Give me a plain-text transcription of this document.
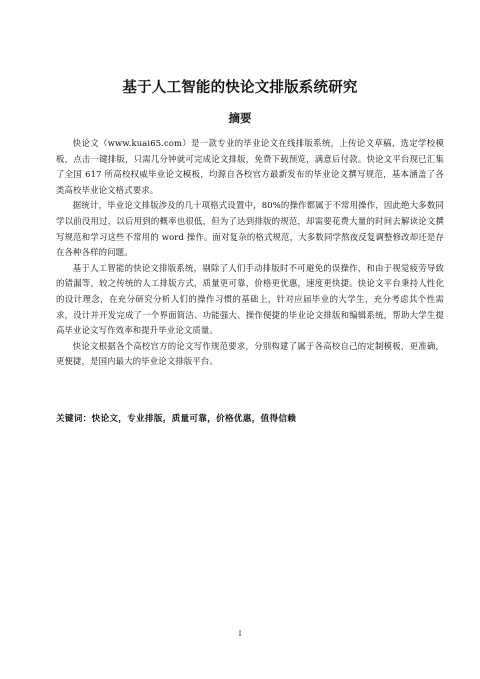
基于人工智能的快论文排版系统研究
摘要

快论文（www.kuai65.com）是一款专业的毕业论文在线排版系统，上传论文草稿，选定学校模板，点击一键排版，只需几分钟就可完成论文排版，免费下载预览，满意后付款。快论文平台现已汇集了全国 617 所高校权威毕业论文模板，均源自各校官方最新发布的毕业论文撰写规范，基本涵盖了各类高校毕业论文格式要求。

据统计，毕业论文排版涉及的几十项格式设置中，80%的操作都属于不常用操作，因此绝大多数同学以前没用过，以后用到的概率也很低，但为了达到排版的规范，却需要花费大量的时间去解读论文撰写规范和学习这些不常用的 word 操作。面对复杂的格式规范，大多数同学熬夜反复调整修改却还是存在各种各样的问题。

基于人工智能的快论文排版系统，剔除了人们手动排版时不可避免的误操作，和由于视觉疲劳导致的错漏等，较之传统的人工排版方式，质量更可靠，价格更优惠，速度更快捷。快论文平台秉持人性化的设计理念，在充分研究分析人们的操作习惯的基础上，针对应届毕业的大学生，充分考虑其个性需求，设计并开发完成了一个界面简洁、功能强大、操作便捷的毕业论文排版和编辑系统，帮助大学生提高毕业论文写作效率和提升毕业论文质量。

快论文根据各个高校官方的论文写作规范要求，分别构建了属于各高校自己的定制模板，更准确，更便捷，是国内最大的毕业论文排版平台。

关键词：快论文，专业排版，质量可靠，价格优惠，值得信赖
I
